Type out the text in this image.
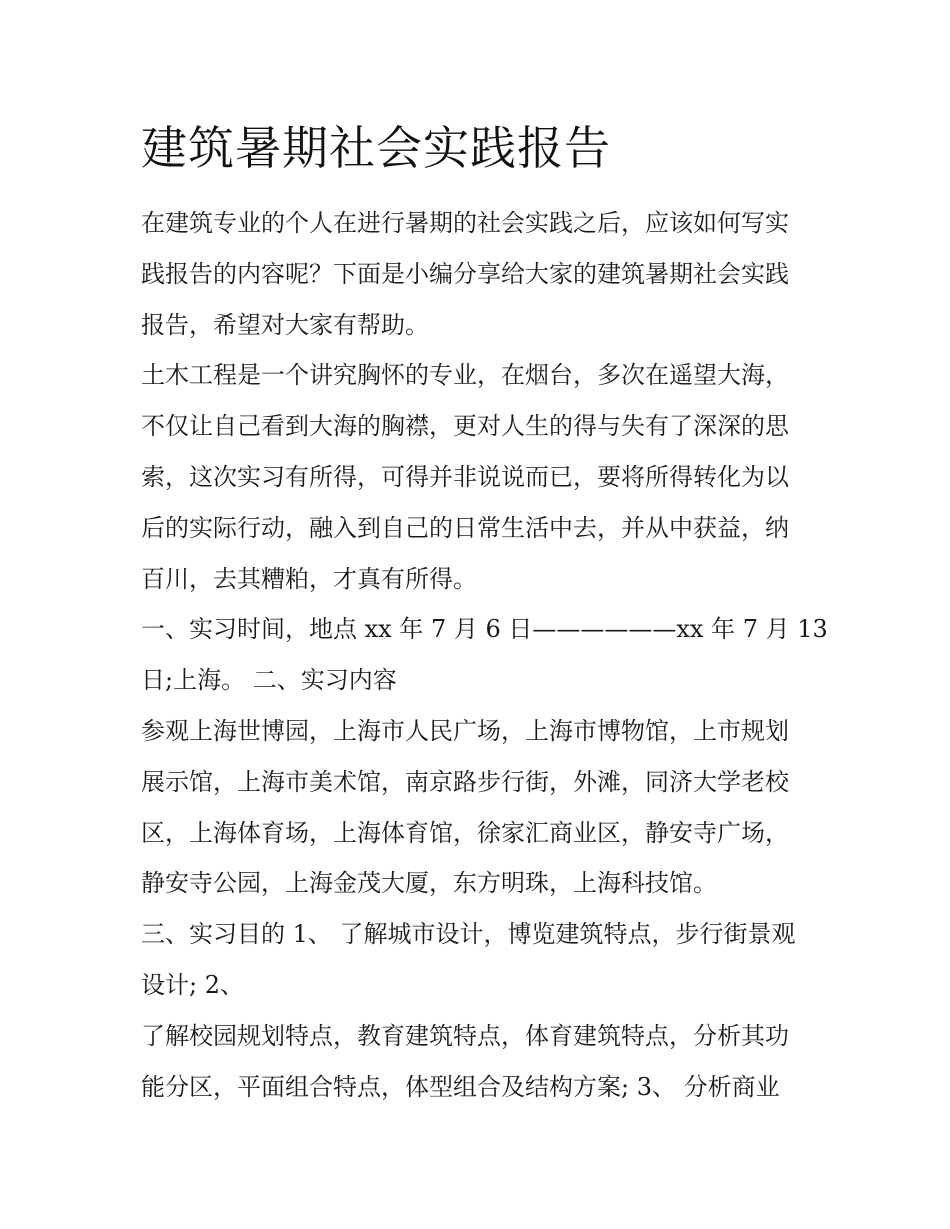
建筑暑期社会实践报告
在建筑专业的个人在进行暑期的社会实践之后，应该如何写实
践报告的内容呢？下面是小编分享给大家的建筑暑期社会实践
报告，希望对大家有帮助。
土木工程是一个讲究胸怀的专业，在烟台，多次在遥望大海，
不仅让自己看到大海的胸襟，更对人生的得与失有了深深的思
索，这次实习有所得，可得并非说说而已，要将所得转化为以
后的实际行动，融入到自己的日常生活中去，并从中获益，纳
百川，去其糟粕，才真有所得。
一、实习时间，地点 xx 年 7 月 6 日——————xx 年 7 月 13
日;上海。 二、实习内容
参观上海世博园，上海市人民广场，上海市博物馆，上市规划
展示馆，上海市美术馆，南京路步行街，外滩，同济大学老校
区，上海体育场，上海体育馆，徐家汇商业区，静安寺广场，
静安寺公园，上海金茂大厦，东方明珠，上海科技馆。
三、实习目的 1、 了解城市设计，博览建筑特点，步行街景观
设计; 2、
了解校园规划特点，教育建筑特点，体育建筑特点，分析其功
能分区，平面组合特点，体型组合及结构方案; 3、 分析商业
